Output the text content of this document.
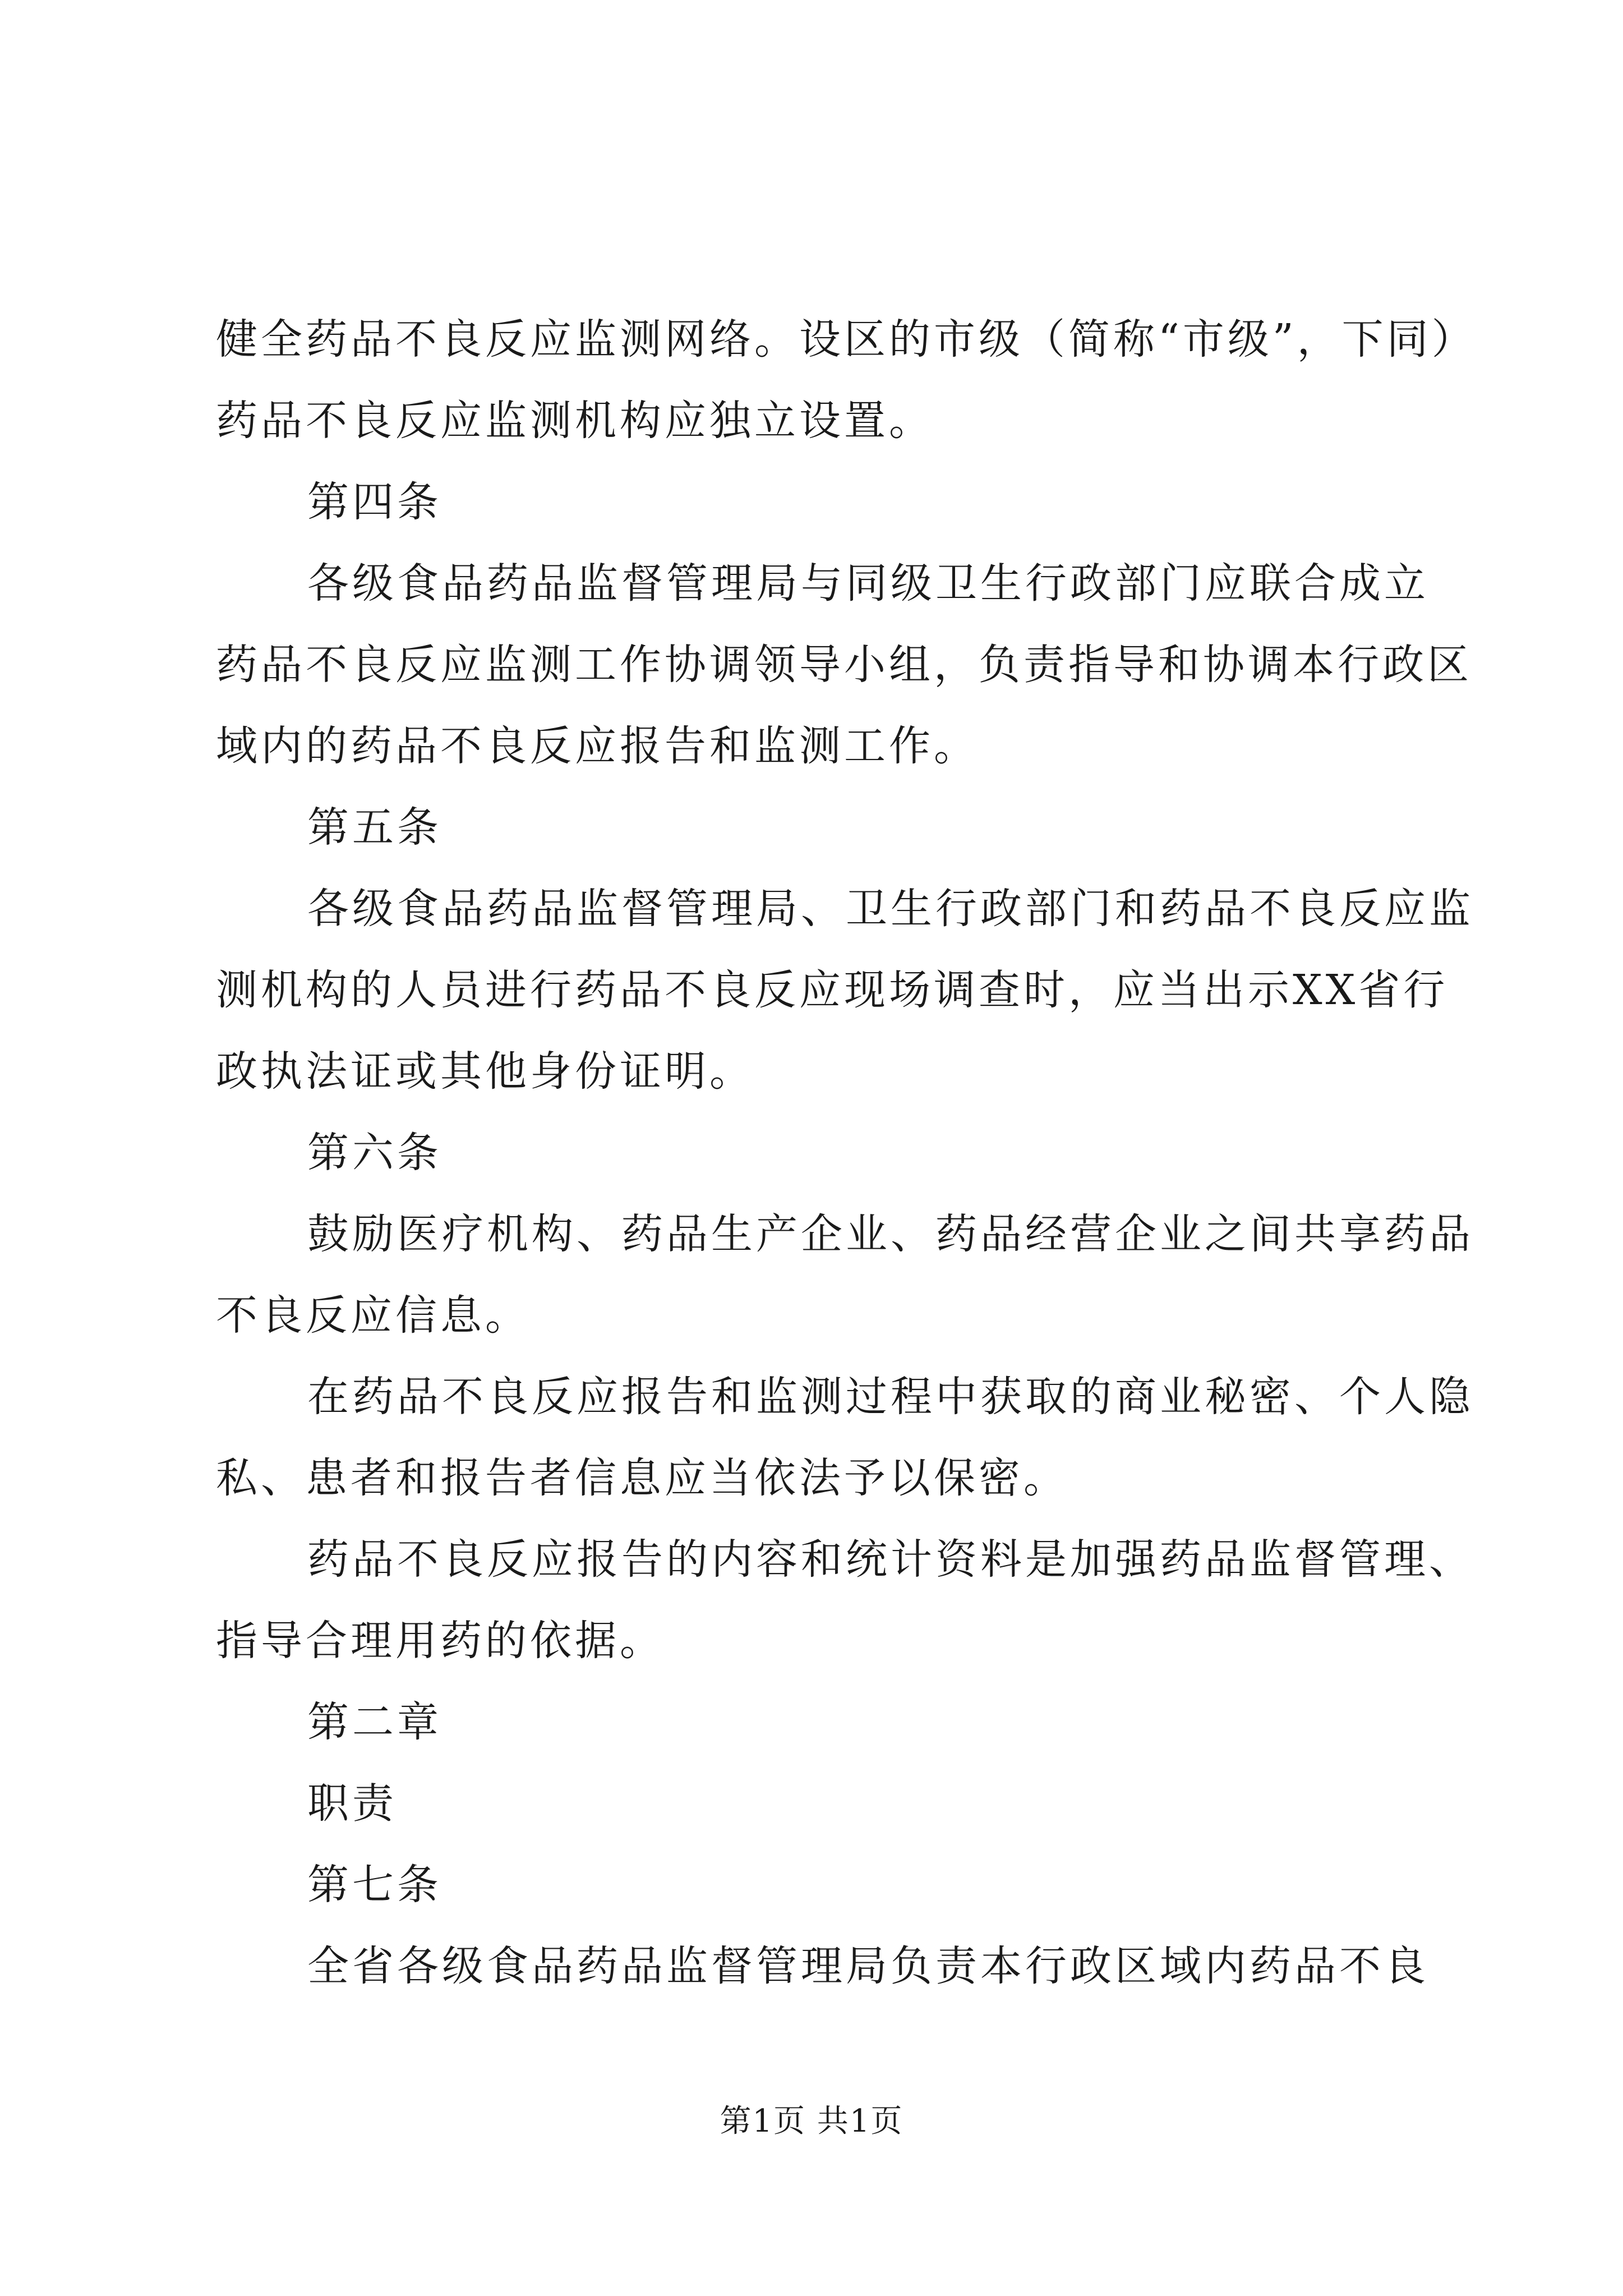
健全药品不良反应监测网络。设区的市级（简称“市级”，下同）
药品不良反应监测机构应独立设置。
第四条
各级食品药品监督管理局与同级卫生行政部门应联合成立
药品不良反应监测工作协调领导小组，负责指导和协调本行政区
域内的药品不良反应报告和监测工作。
第五条
各级食品药品监督管理局、卫生行政部门和药品不良反应监
测机构的人员进行药品不良反应现场调查时，应当出示XX省行
政执法证或其他身份证明。
第六条
鼓励医疗机构、药品生产企业、药品经营企业之间共享药品
不良反应信息。
在药品不良反应报告和监测过程中获取的商业秘密、个人隐
私、患者和报告者信息应当依法予以保密。
药品不良反应报告的内容和统计资料是加强药品监督管理、
指导合理用药的依据。
第二章
职责
第七条
全省各级食品药品监督管理局负责本行政区域内药品不良
第1页 共1页
